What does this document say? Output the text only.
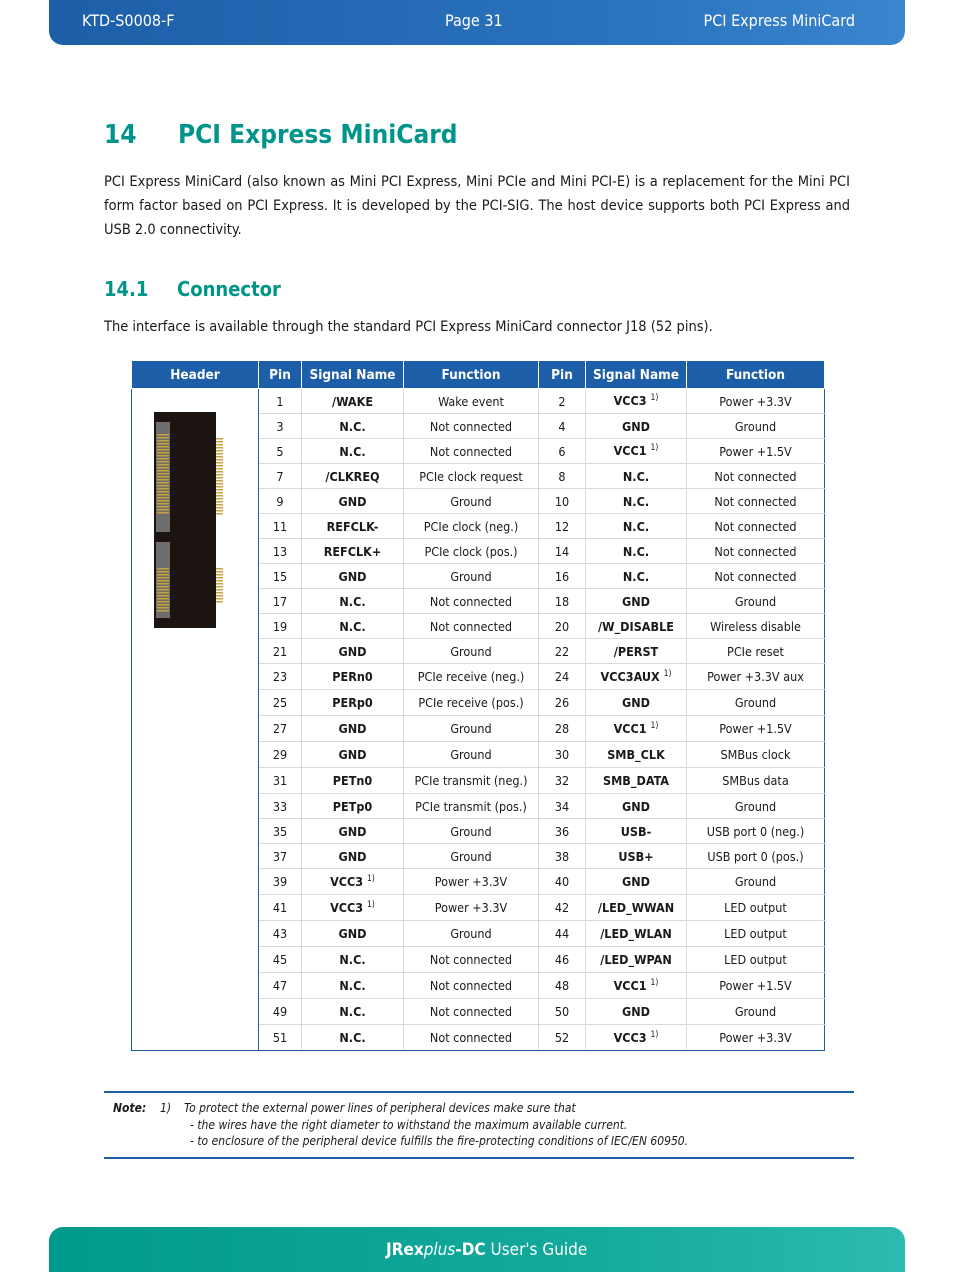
KTD-S0008-F	Page 31	PCI Express MiniCard
14 PCI Express MiniCard

PCI Express MiniCard (also known as Mini PCI Express, Mini PCIe and Mini PCI-E) is a replacement for the Mini PCI form factor based on PCI Express. It is developed by the PCI-SIG. The host device supports both PCI Express and USB 2.0 connectivity.

14.1 Connector

The interface is available through the standard PCI Express MiniCard connector J18 (52 pins).

Header	Pin	Signal Name	Function	Pin	Signal Name	Function

	1	/WAKE	Wake event	2	VCC3 $^{1)}$	Power +3.3V
	3	N.C.	Not connected	4	GND	Ground
	5	N.C.	Not connected	6	VCC1 $^{1)}$	Power +1.5V
	7	/CLKREQ	PCIe clock request	8	N.C.	Not connected
	9	GND	Ground	10	N.C.	Not connected
	11	REFCLK-	PCIe clock (neg.)	12	N.C.	Not connected
	13	REFCLK+	PCIe clock (pos.)	14	N.C.	Not connected
	15	GND	Ground	16	N.C.	Not connected
	17	N.C.	Not connected	18	GND	Ground
	19	N.C.	Not connected	20	/W_DISABLE	Wireless disable
	21	GND	Ground	22	/PERST	PCIe reset
	23	PERn0	PCIe receive (neg.)	24	VCC3AUX $^{1)}$	Power +3.3V aux
	25	PERp0	PCIe receive (pos.)	26	GND	Ground
	27	GND	Ground	28	VCC1 $^{1)}$	Power +1.5V
	29	GND	Ground	30	SMB_CLK	SMBus clock
	31	PETn0	PCIe transmit (neg.)	32	SMB_DATA	SMBus data
	33	PETp0	PCIe transmit (pos.)	34	GND	Ground
	35	GND	Ground	36	USB-	USB port 0 (neg.)
	37	GND	Ground	38	USB+	USB port 0 (pos.)
	39	VCC3 $^{1)}$	Power +3.3V	40	GND	Ground
	41	VCC3 $^{1)}$	Power +3.3V	42	/LED_WWAN	LED output
	43	GND	Ground	44	/LED_WLAN	LED output
	45	N.C.	Not connected	46	/LED_WPAN	LED output
	47	N.C.	Not connected	48	VCC1 $^{1)}$	Power +1.5V
	49	N.C.	Not connected	50	GND	Ground
	51	N.C.	Not connected	52	VCC3 $^{1)}$	Power +3.3V
Note: 1) To protect the external power lines of peripheral devices make sure that
- the wires have the right diameter to withstand the maximum available current.
- to enclosure of the peripheral device fulfills the fire-protecting conditions of IEC/EN 60950.
JRexplus-DC User's Guide
